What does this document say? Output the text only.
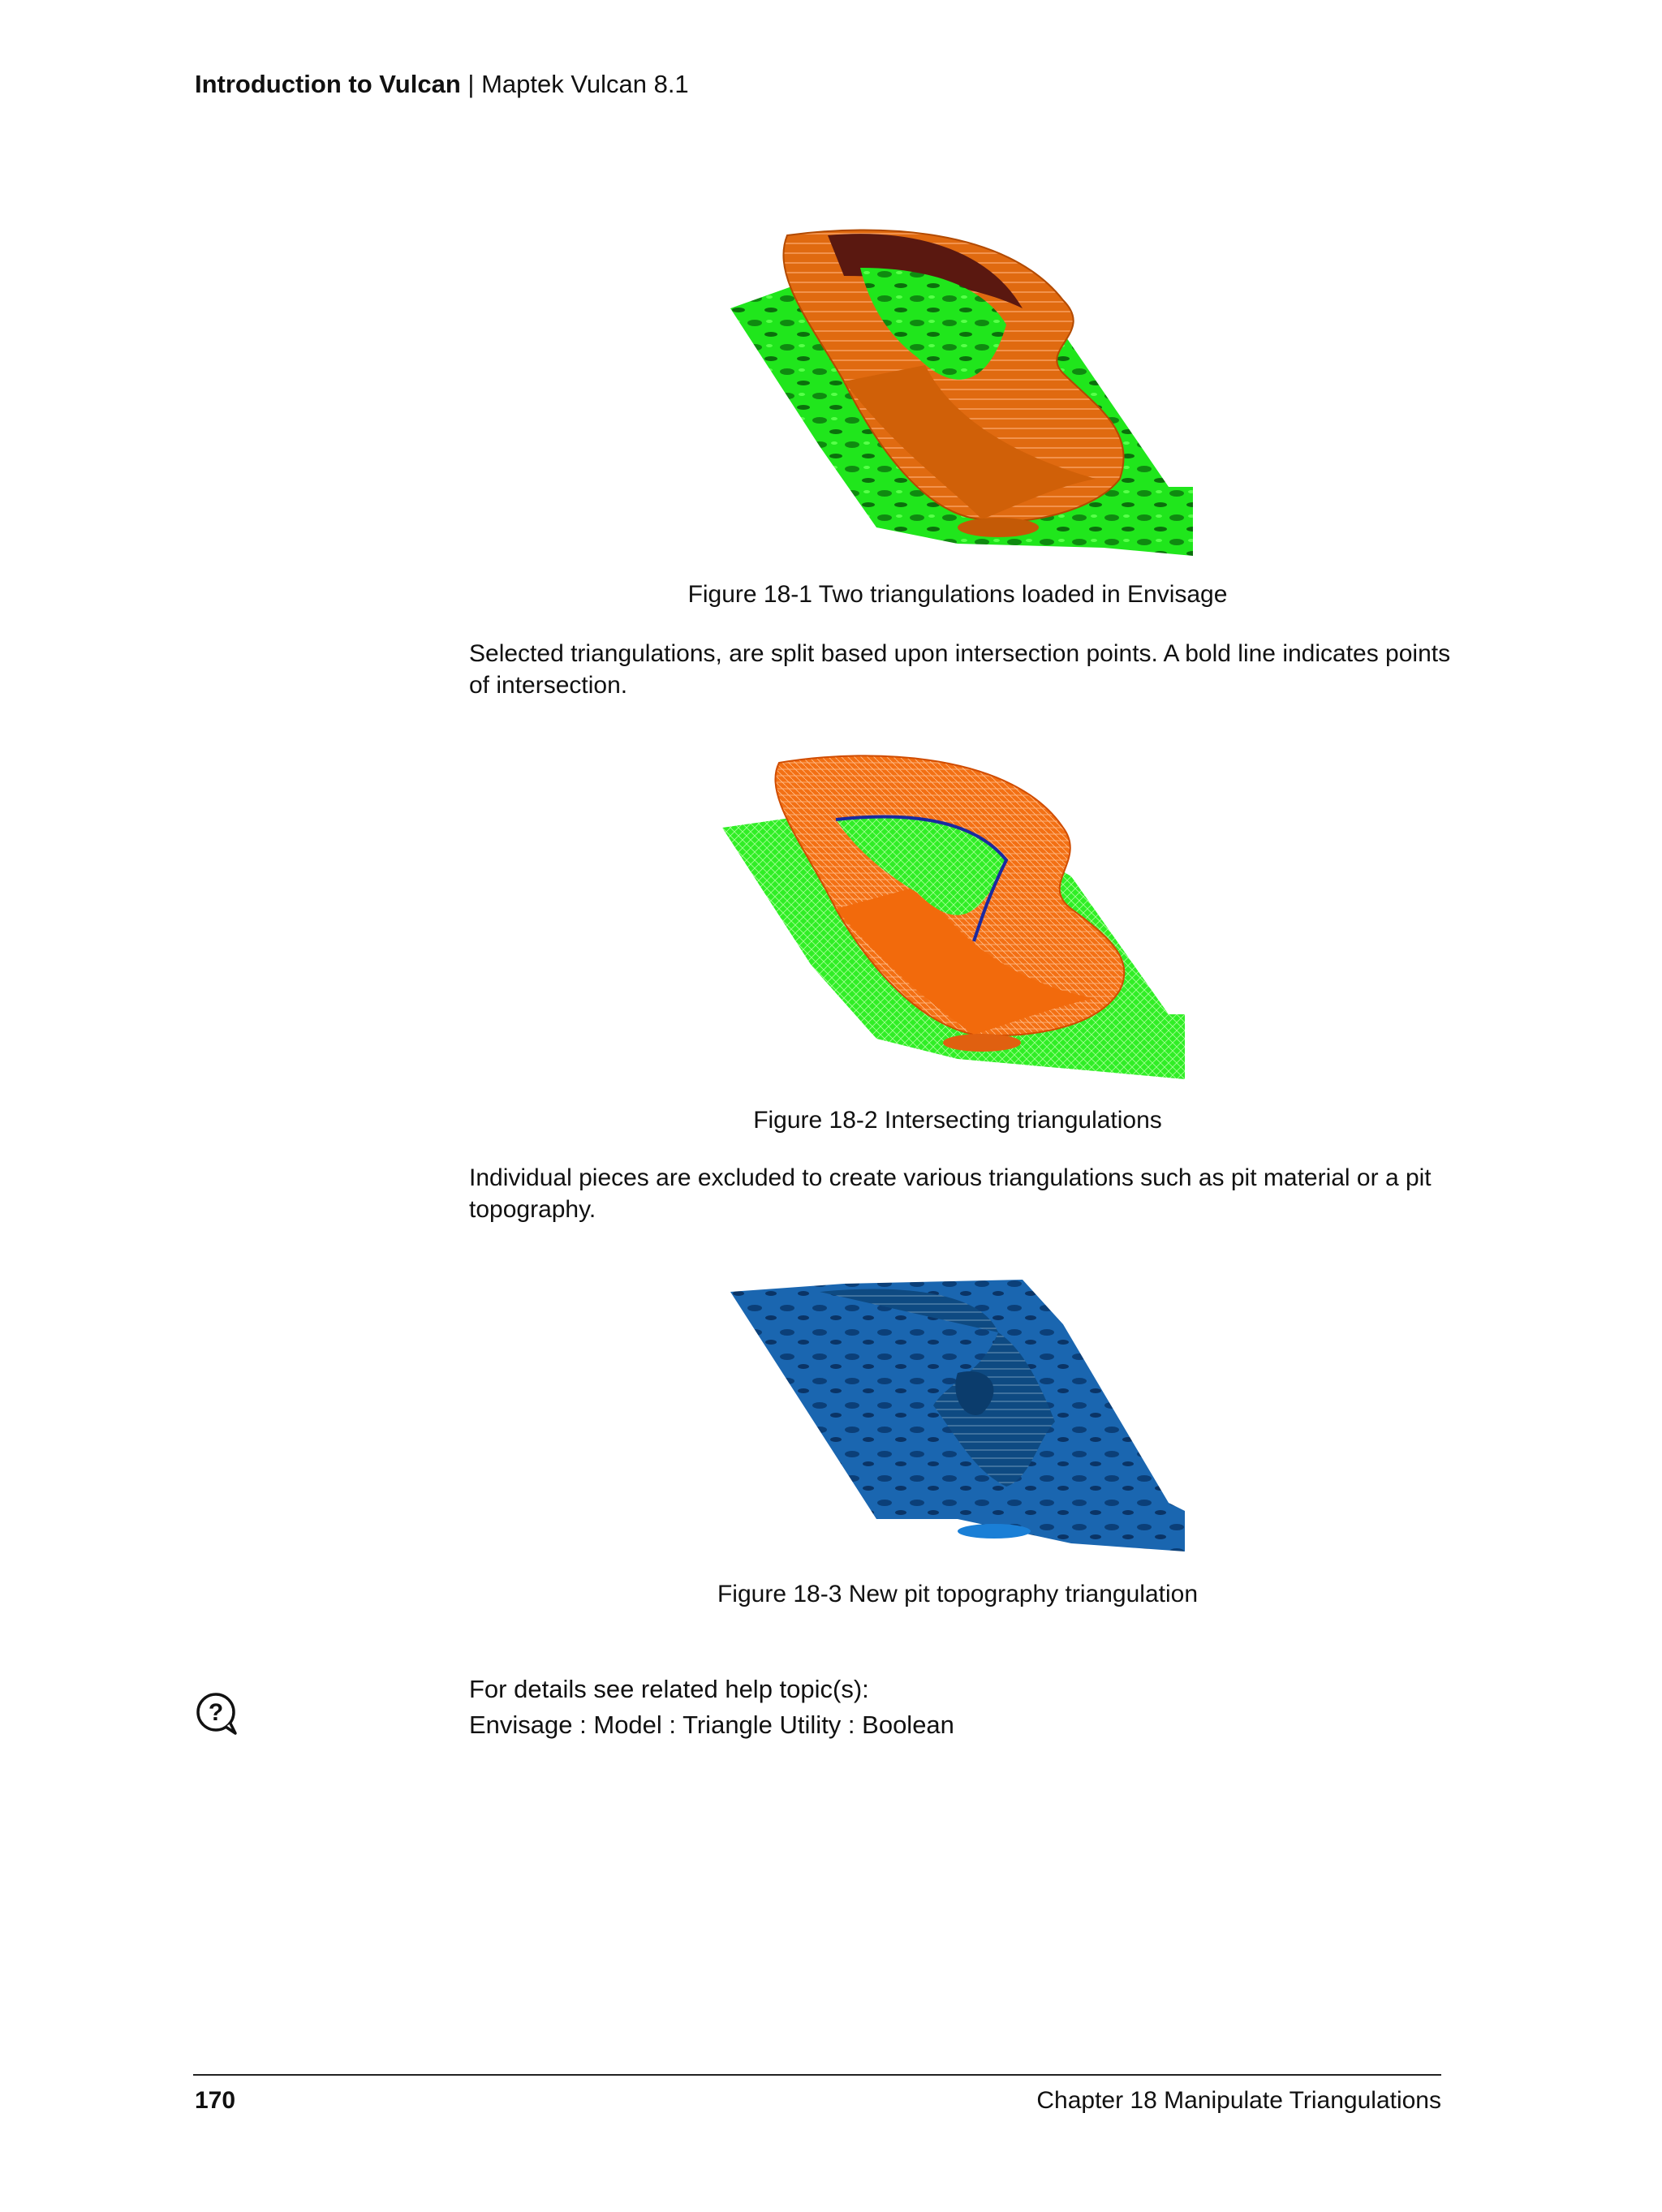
Introduction to Vulcan | Maptek Vulcan 8.1
Figure 18-1 Two triangulations loaded in Envisage
Selected triangulations, are split based upon intersection points. A bold line indicates points of intersection.
Figure 18-2 Intersecting triangulations
Individual pieces are excluded to create various triangulations such as pit material or a pit topography.
Figure 18-3 New pit topography triangulation
?
For details see related help topic(s):
Envisage : Model : Triangle Utility : Boolean
170	Chapter 18 Manipulate Triangulations
